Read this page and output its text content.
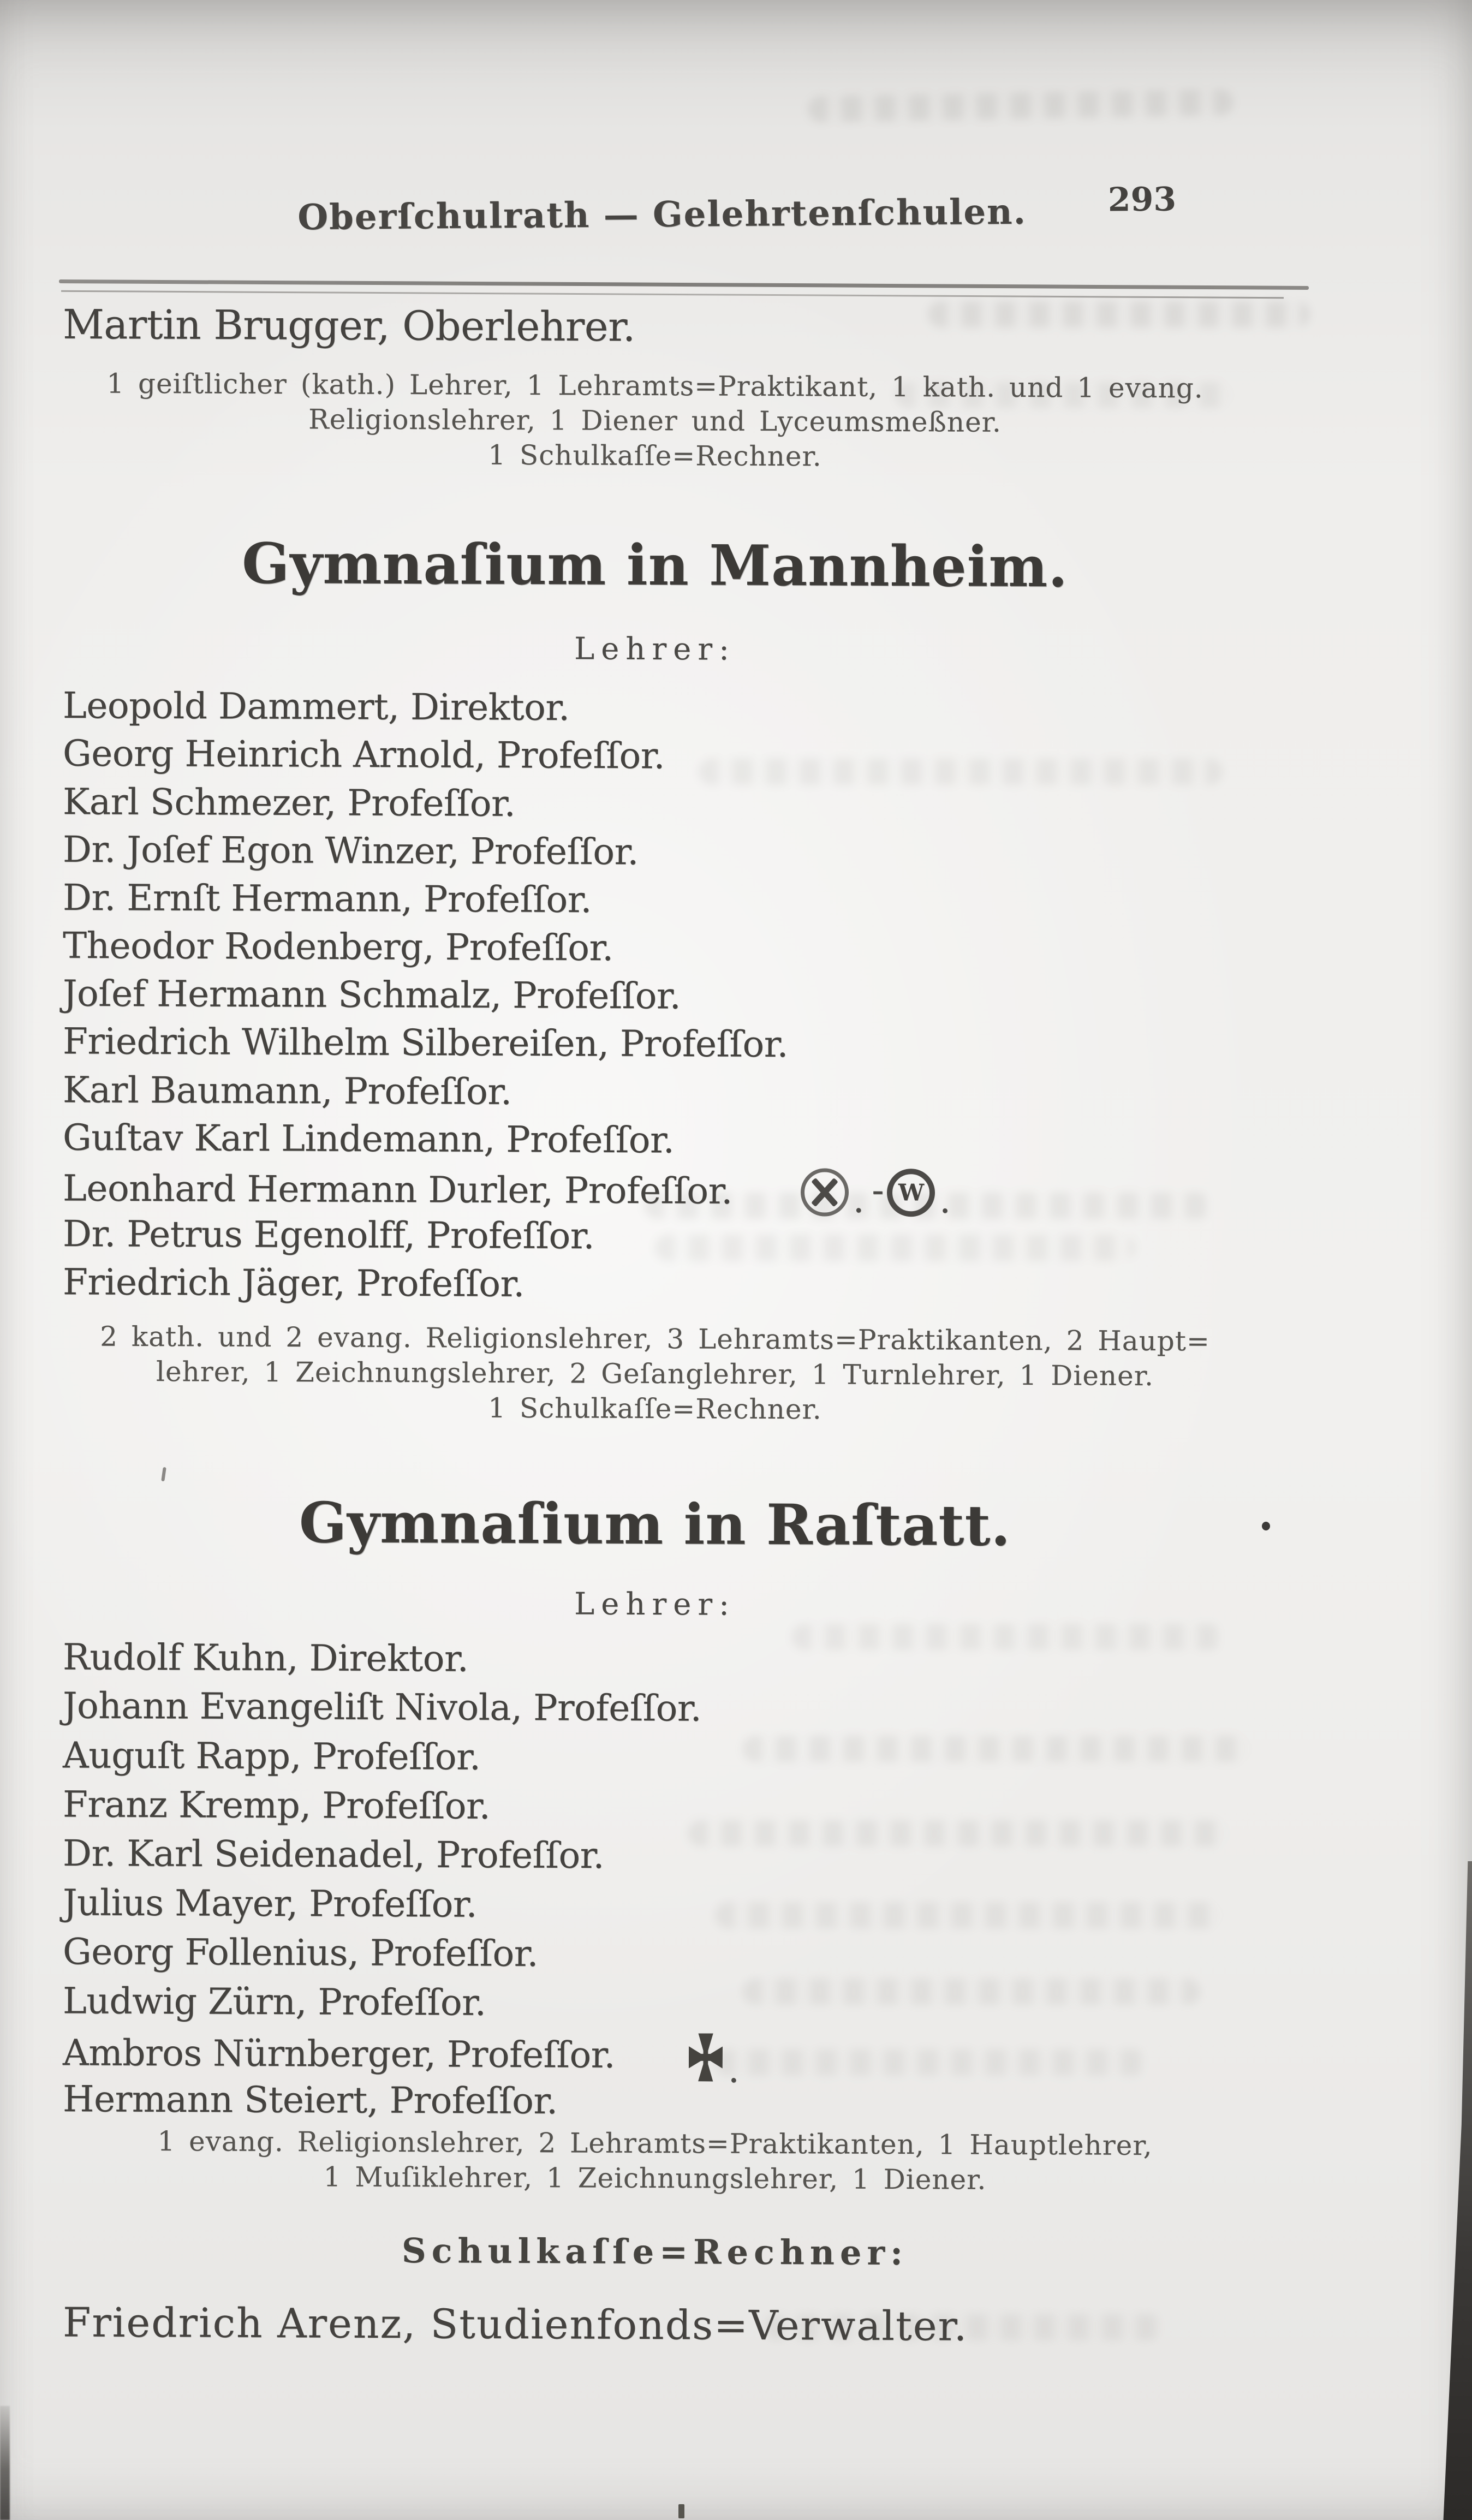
Oberſchulrath — Gelehrtenſchulen. 293
Martin Brugger, Oberlehrer.
1 geiſtlicher (kath.) Lehrer, 1 Lehramts=Praktikant, 1 kath. und 1 evang.
Religionslehrer, 1 Diener und Lyceumsmeßner.
1 Schulkaſſe=Rechner.
Gymnaſium in Mannheim.
Lehrer:
Leopold Dammert, Direktor.
Georg Heinrich Arnold, Profeſſor.
Karl Schmezer, Profeſſor.
Dr. Joſef Egon Winzer, Profeſſor.
Dr. Ernſt Hermann, Profeſſor.
Theodor Rodenberg, Profeſſor.
Joſef Hermann Schmalz, Profeſſor.
Friedrich Wilhelm Silbereiſen, Profeſſor.
Karl Baumann, Profeſſor.
Guſtav Karl Lindemann, Profeſſor.
Leonhard Hermann Durler, Profeſſor.	. - W .
Dr. Petrus Egenolff, Profeſſor.
Friedrich Jäger, Profeſſor.
2 kath. und 2 evang. Religionslehrer, 3 Lehramts=Praktikanten, 2 Haupt=
lehrer, 1 Zeichnungslehrer, 2 Geſanglehrer, 1 Turnlehrer, 1 Diener.
1 Schulkaſſe=Rechner.
Gymnaſium in Raſtatt.
Lehrer:
Rudolf Kuhn, Direktor.
Johann Evangeliſt Nivola, Profeſſor.
Auguſt Rapp, Profeſſor.
Franz Kremp, Profeſſor.
Dr. Karl Seidenadel, Profeſſor.
Julius Mayer, Profeſſor.
Georg Follenius, Profeſſor.
Ludwig Zürn, Profeſſor.
Ambros Nürnberger, Profeſſor.	.
Hermann Steiert, Profeſſor.
1 evang. Religionslehrer, 2 Lehramts=Praktikanten, 1 Hauptlehrer,
1 Muſiklehrer, 1 Zeichnungslehrer, 1 Diener.
Schulkaſſe=Rechner:
Friedrich Arenz, Studienfonds=Verwalter.
